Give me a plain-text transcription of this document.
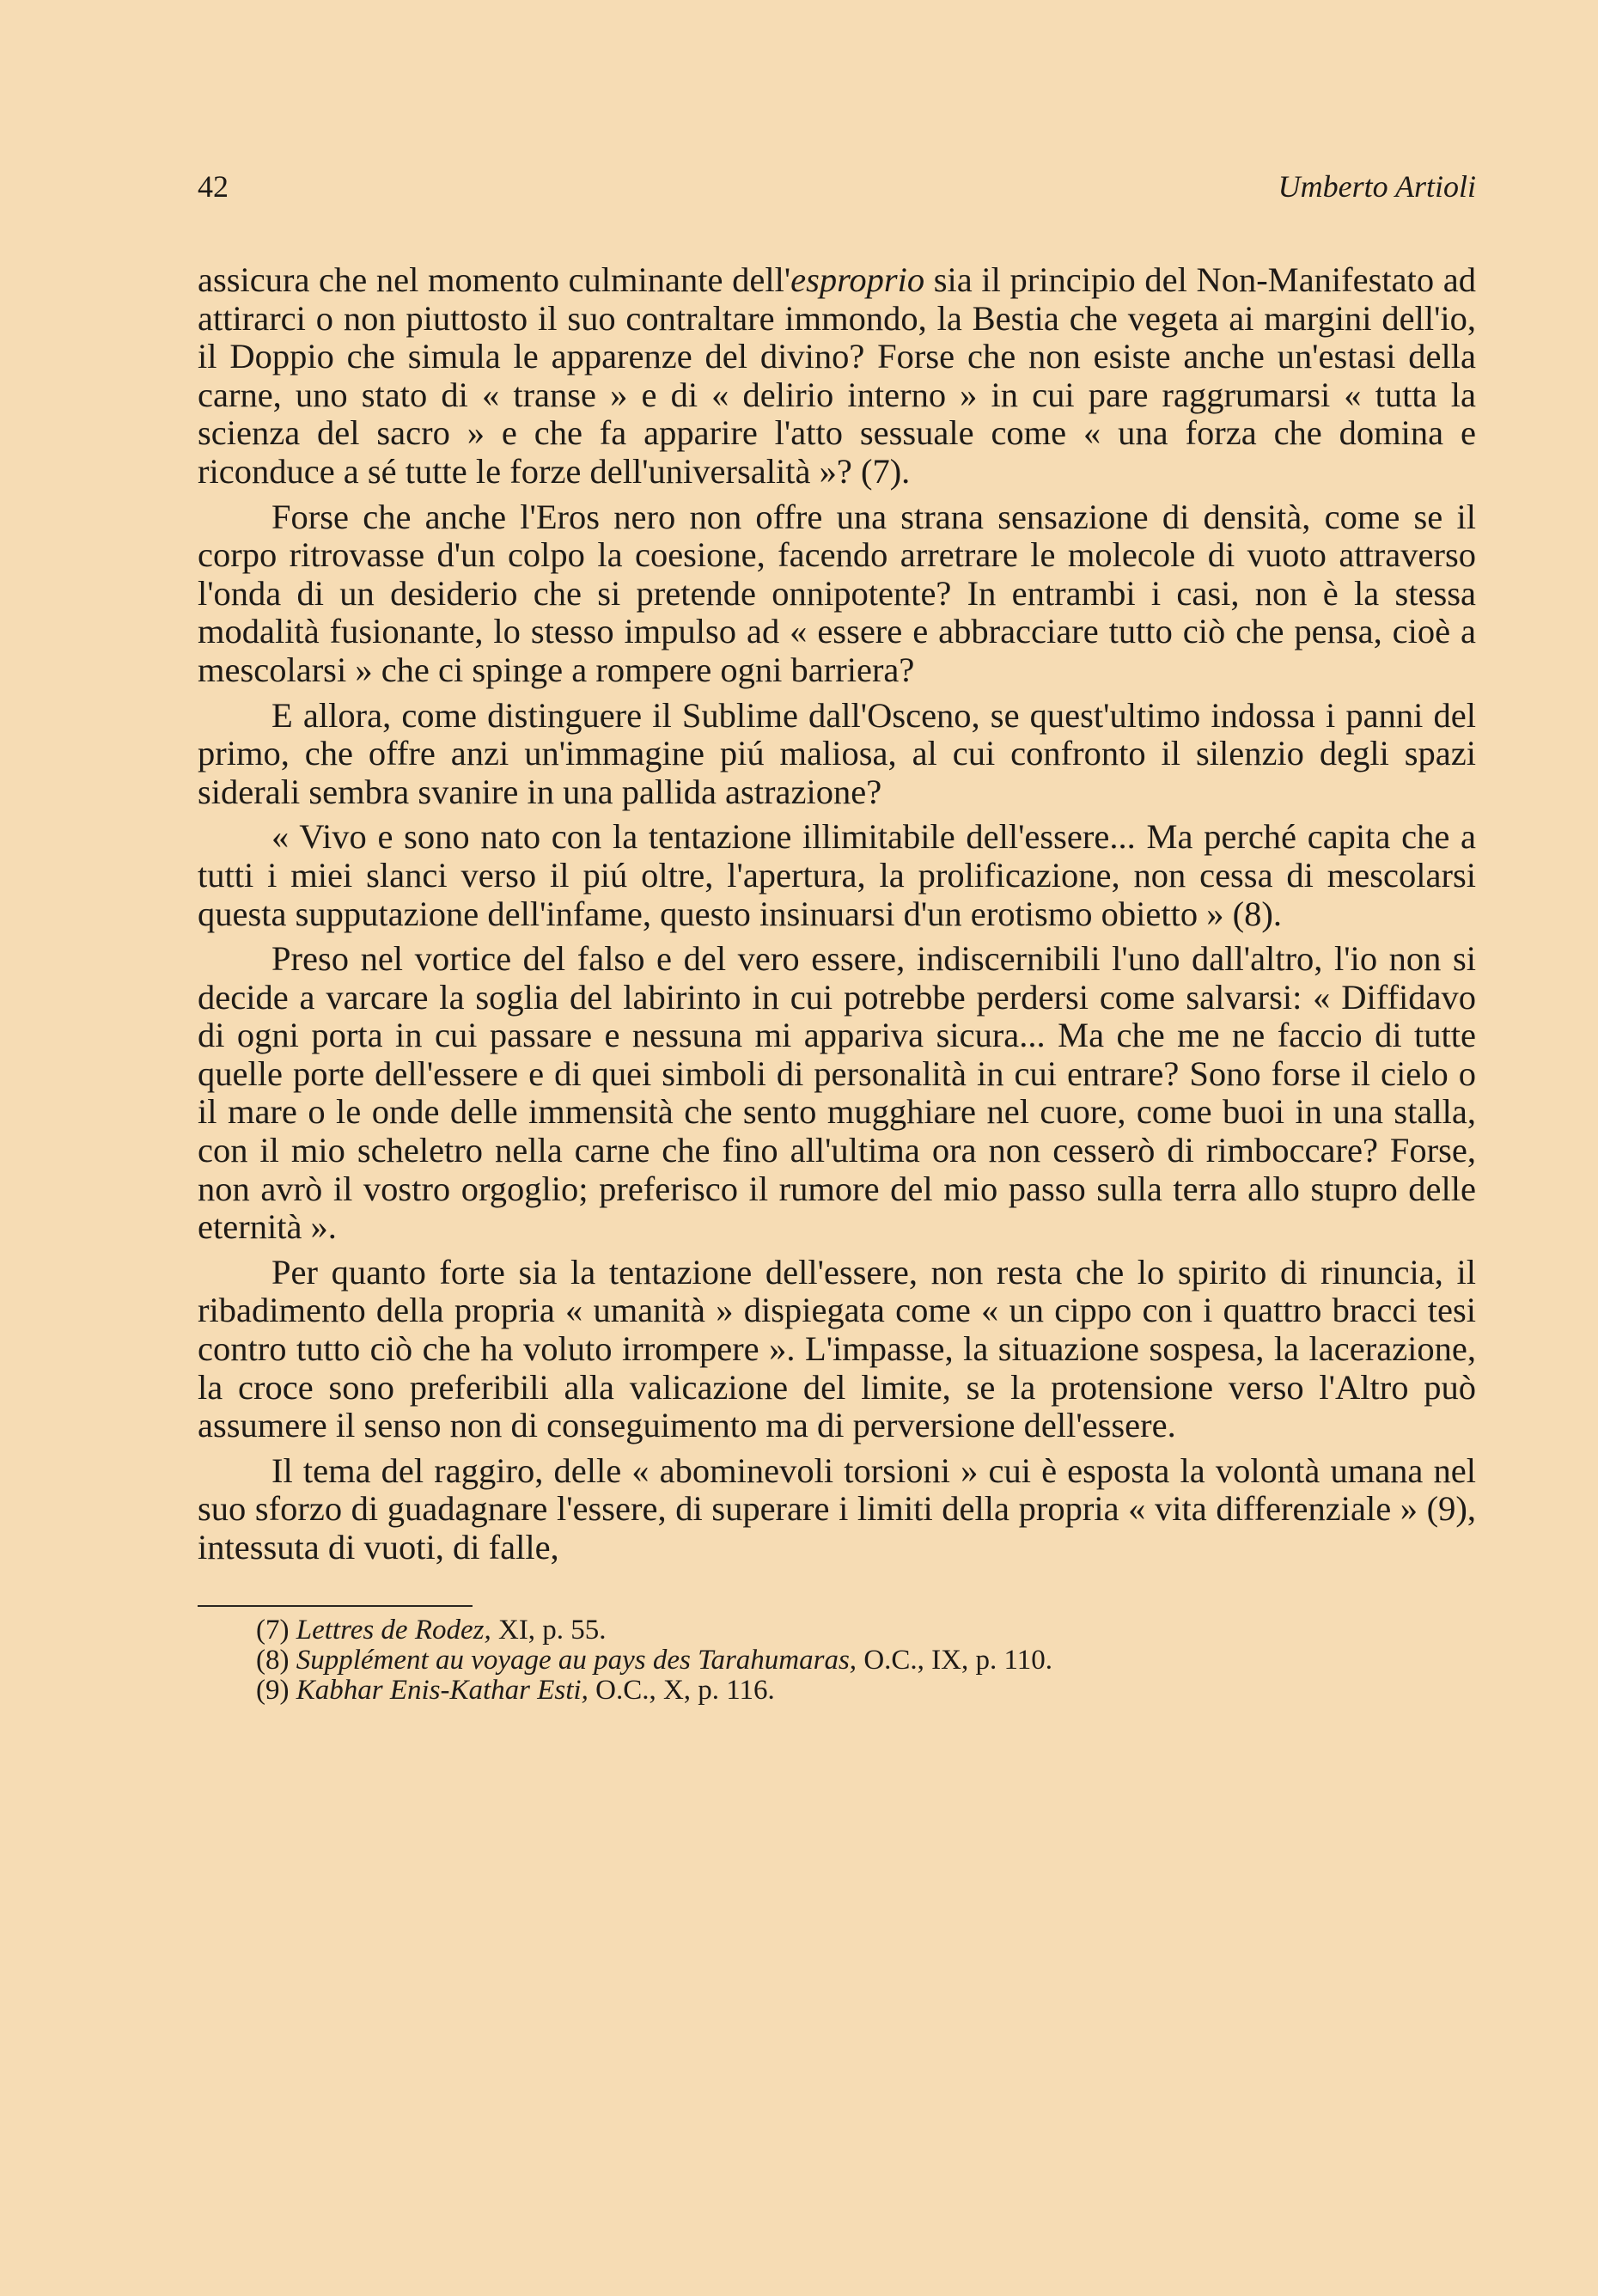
42	Umberto Artioli

assicura che nel momento culminante dell'esproprio sia il principio del Non-Manifestato ad attirarci o non piuttosto il suo contraltare immondo, la Bestia che vegeta ai margini dell'io, il Doppio che simula le apparenze del divino? Forse che non esiste anche un'estasi della carne, uno stato di « transe » e di « delirio interno » in cui pare raggrumarsi « tutta la scienza del sacro » e che fa apparire l'atto sessuale come « una forza che domina e riconduce a sé tutte le forze dell'universalità »? (7).

Forse che anche l'Eros nero non offre una strana sensazione di densità, come se il corpo ritrovasse d'un colpo la coesione, facendo arretrare le molecole di vuoto attraverso l'onda di un desiderio che si pretende onnipotente? In entrambi i casi, non è la stessa modalità fusionante, lo stesso impulso ad « essere e abbracciare tutto ciò che pensa, cioè a mescolarsi » che ci spinge a rompere ogni barriera?

E allora, come distinguere il Sublime dall'Osceno, se quest'ultimo indossa i panni del primo, che offre anzi un'immagine piú maliosa, al cui confronto il silenzio degli spazi siderali sembra svanire in una pallida astrazione?

« Vivo e sono nato con la tentazione illimitabile dell'essere... Ma perché capita che a tutti i miei slanci verso il piú oltre, l'apertura, la prolificazione, non cessa di mescolarsi questa supputazione dell'infame, questo insinuarsi d'un erotismo obietto » (8).

Preso nel vortice del falso e del vero essere, indiscernibili l'uno dall'altro, l'io non si decide a varcare la soglia del labirinto in cui potrebbe perdersi come salvarsi: « Diffidavo di ogni porta in cui passare e nessuna mi appariva sicura... Ma che me ne faccio di tutte quelle porte dell'essere e di quei simboli di personalità in cui entrare? Sono forse il cielo o il mare o le onde delle immensità che sento mugghiare nel cuore, come buoi in una stalla, con il mio scheletro nella carne che fino all'ultima ora non cesserò di rimboccare? Forse, non avrò il vostro orgoglio; preferisco il rumore del mio passo sulla terra allo stupro delle eternità ».

Per quanto forte sia la tentazione dell'essere, non resta che lo spirito di rinuncia, il ribadimento della propria « umanità » dispiegata come « un cippo con i quattro bracci tesi contro tutto ciò che ha voluto irrompere ». L'impasse, la situazione sospesa, la lacerazione, la croce sono preferibili alla valicazione del limite, se la protensione verso l'Altro può assumere il senso non di conseguimento ma di perversione dell'essere.

Il tema del raggiro, delle « abominevoli torsioni » cui è esposta la volontà umana nel suo sforzo di guadagnare l'essere, di superare i limiti della propria « vita differenziale » (9), intessuta di vuoti, di falle,

(7) Lettres de Rodez, XI, p. 55.
(8) Supplément au voyage au pays des Tarahumaras, O.C., IX, p. 110.
(9) Kabhar Enis-Kathar Esti, O.C., X, p. 116.
